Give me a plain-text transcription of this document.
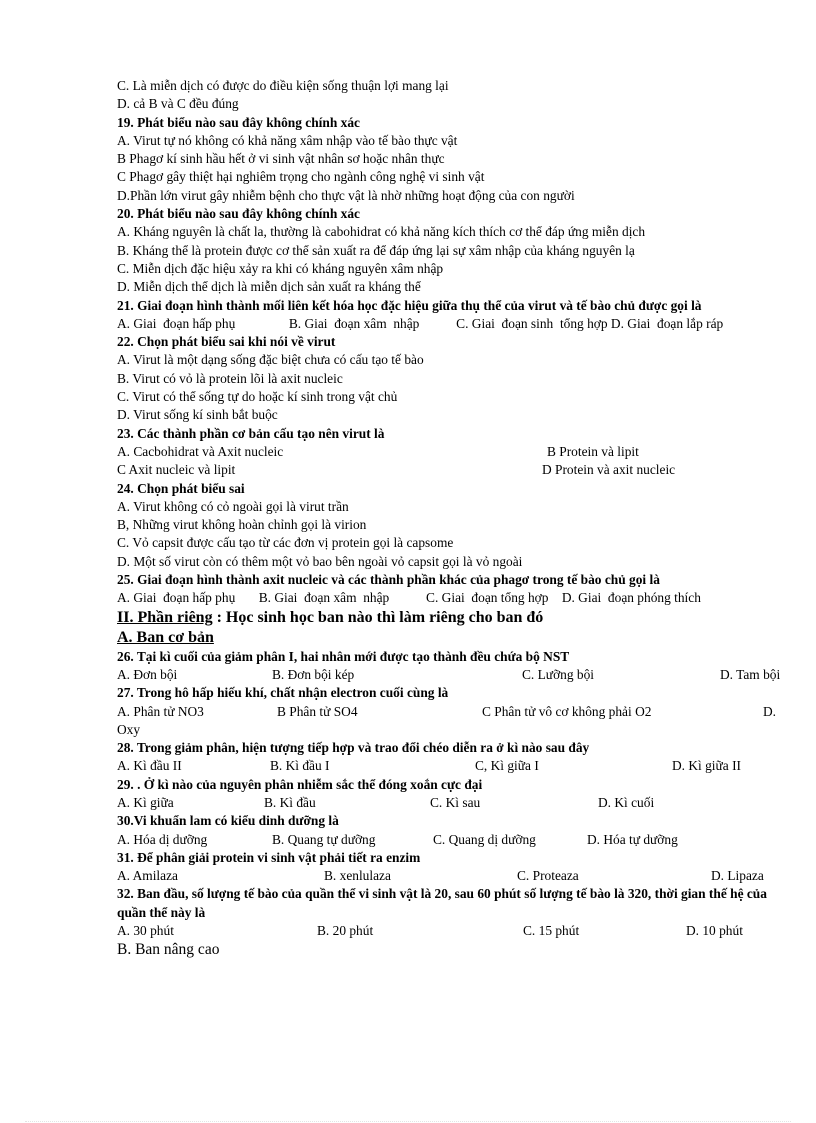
C. Là miễn dịch có được do điều kiện sống thuận lợi mang lại
D. cả B và C đều đúng
19. Phát biểu nào sau đây không chính xác
A. Virut tự nó không có khả năng xâm nhập vào tế bào thực vật
B Phagơ kí sinh hầu hết ở vi sinh vật nhân sơ hoặc nhân thực
C Phagơ gây thiệt hại nghiêm trọng cho ngành công nghệ vi sinh vật
D.Phần lớn virut gây nhiễm bệnh cho thực vật là nhờ những hoạt động của con người
20. Phát biểu nào sau đây không chính xác
A. Kháng nguyên là chất la, thường là cabohidrat có khả năng kích thích cơ thể đáp ứng miễn dịch
B. Kháng thể là protein được cơ thể sản xuất ra để đáp ứng lại sự xâm nhập của kháng nguyên lạ
C. Miễn dịch đặc hiệu xảy ra khi có kháng nguyên xâm nhập
D. Miễn dịch thể dịch là miễn dịch sản xuất ra kháng thể
21. Giai đoạn hình thành mối liên kết hóa học đặc hiệu giữa thụ thể của virut và tế bào chủ được gọi là
A. Giai  đoạn hấp phụ                B. Giai  đoạn xâm  nhập           C. Giai  đoạn sinh  tổng hợp D. Giai  đoạn lắp ráp
22. Chọn phát biểu sai khi nói về virut
A. Virut là một dạng sống đặc biệt chưa có cấu tạo tế bào
B. Virut có vỏ là protein lõi là axit nucleic
C. Virut có thể sống tự do hoặc kí sinh trong vật chủ
D. Virut sống kí sinh bắt buộc
23. Các thành phần cơ bản cấu tạo nên virut là
A. Cacbohidrat và Axit nucleic	B Protein và lipit
C Axit nucleic và lipit	D Protein và axit nucleic
24. Chọn phát biểu sai
A. Virut không có cỏ ngoài gọi là virut trần
B, Những virut không hoàn chỉnh gọi là virion
C. Vỏ capsit được cấu tạo từ các đơn vị protein gọi là capsome
D. Một số virut còn có thêm một vỏ bao bên ngoài vỏ capsit gọi là vỏ ngoài
25. Giai đoạn hình thành axit nucleic và các thành phần khác của phagơ trong tế bào chủ gọi là
A. Giai  đoạn hấp phụ       B. Giai  đoạn xâm  nhập           C. Giai  đoạn tổng hợp    D. Giai  đoạn phóng thích
II. Phần riêng : Học sinh học ban nào thì làm riêng cho ban đó
A. Ban cơ bản
26. Tại kì cuối của giảm phân I, hai nhân mới được tạo thành đều chứa bộ NST
A. Đơn bội	B. Đơn bội kép	C. Lưỡng bội	D. Tam bội
27. Trong hô hấp hiếu khí, chất nhận electron cuối cùng là
A. Phân tử NO3	B Phân tử SO4	C Phân tử vô cơ không phải O2	D.
Oxy
28. Trong giảm phân, hiện tượng tiếp hợp và trao đổi chéo diễn ra ở kì nào sau đây
A. Kì đầu II	B. Kì đầu I	C, Kì giữa I	D. Kì giữa II
29. . Ở kì nào của nguyên phân nhiễm sắc thể đóng xoắn cực đại
A. Kì giữa	B. Kì đầu	C. Kì sau	D. Kì cuối
30.Vi khuẩn lam có kiểu dinh dưỡng là
A. Hóa dị dưỡng	B. Quang tự dưỡng	C. Quang dị dưỡng	D. Hóa tự dưỡng
31. Để phân giải protein vi sinh vật phải tiết ra enzim
A. Amilaza	B. xenlulaza	C. Proteaza	D. Lipaza
32. Ban đầu, số lượng tế bào của quần thể vi sinh vật là 20, sau 60 phút số lượng tế bào là 320, thời gian thế hệ của quần thể này là
A. 30 phút	B. 20 phút	C. 15 phút	D. 10 phút
B. Ban nâng cao
